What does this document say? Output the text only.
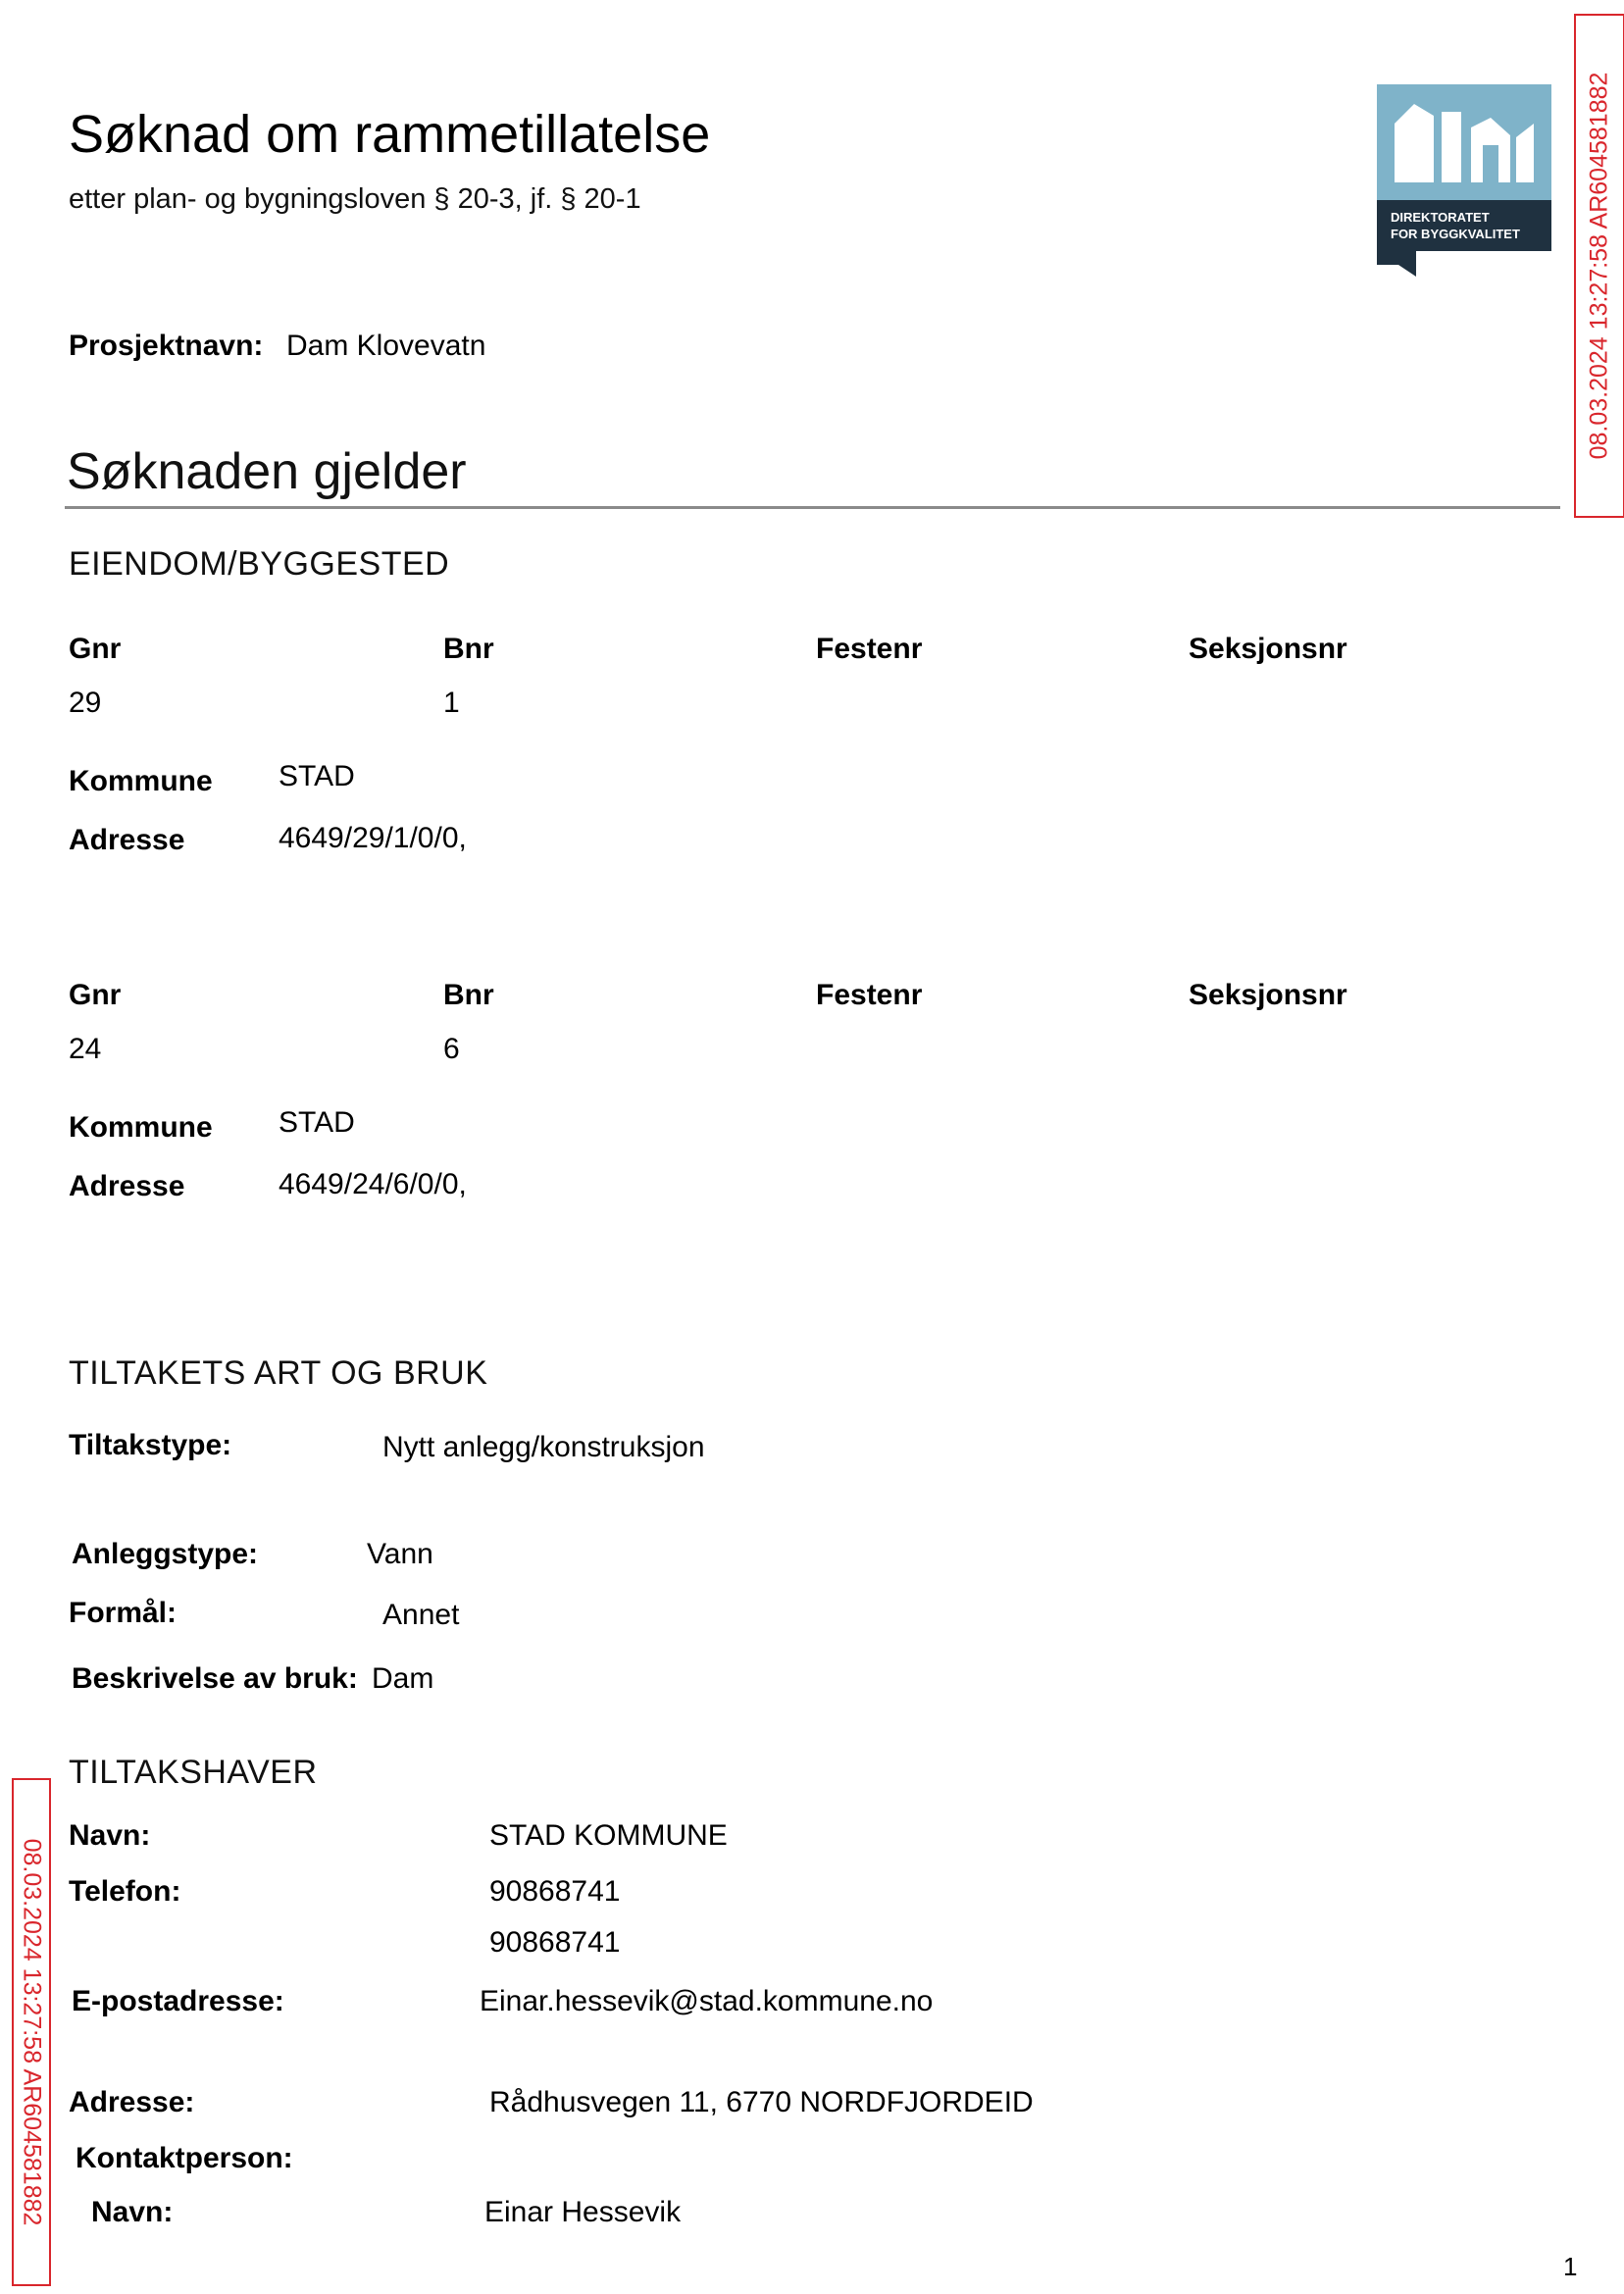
Søknad om rammetillatelse
etter plan- og bygningsloven § 20-3, jf. § 20-1
DIREKTORATET
FOR BYGGKVALITET	08.03.2024 13:27:58 AR604581882
Prosjektnavn: Dam Klovevatn
Søknaden gjelder
EIENDOM/BYGGESTED
Gnr	Bnr	Festenr	Seksjonsnr
29	1
Kommune STAD
Adresse	4649/29/1/0/0,
Gnr	Bnr	Festenr	Seksjonsnr
24	6
Kommune STAD
Adresse	4649/24/6/0/0,
TILTAKETS ART OG BRUK
Tiltakstype:	Nytt anlegg/konstruksjon
Anleggstype:	Vann
Formål:	Annet
Beskrivelse av bruk: Dam
TILTAKSHAVER
Navn:	STAD KOMMUNE
Telefon:	90868741
90868741
E-postadresse:	Einar.hessevik@stad.kommune.no
Adresse:	Rådhusvegen 11, 6770 NORDFJORDEID
Kontaktperson:
Navn:	Einar Hessevik
08.03.2024 13:27:58 AR604581882
1
